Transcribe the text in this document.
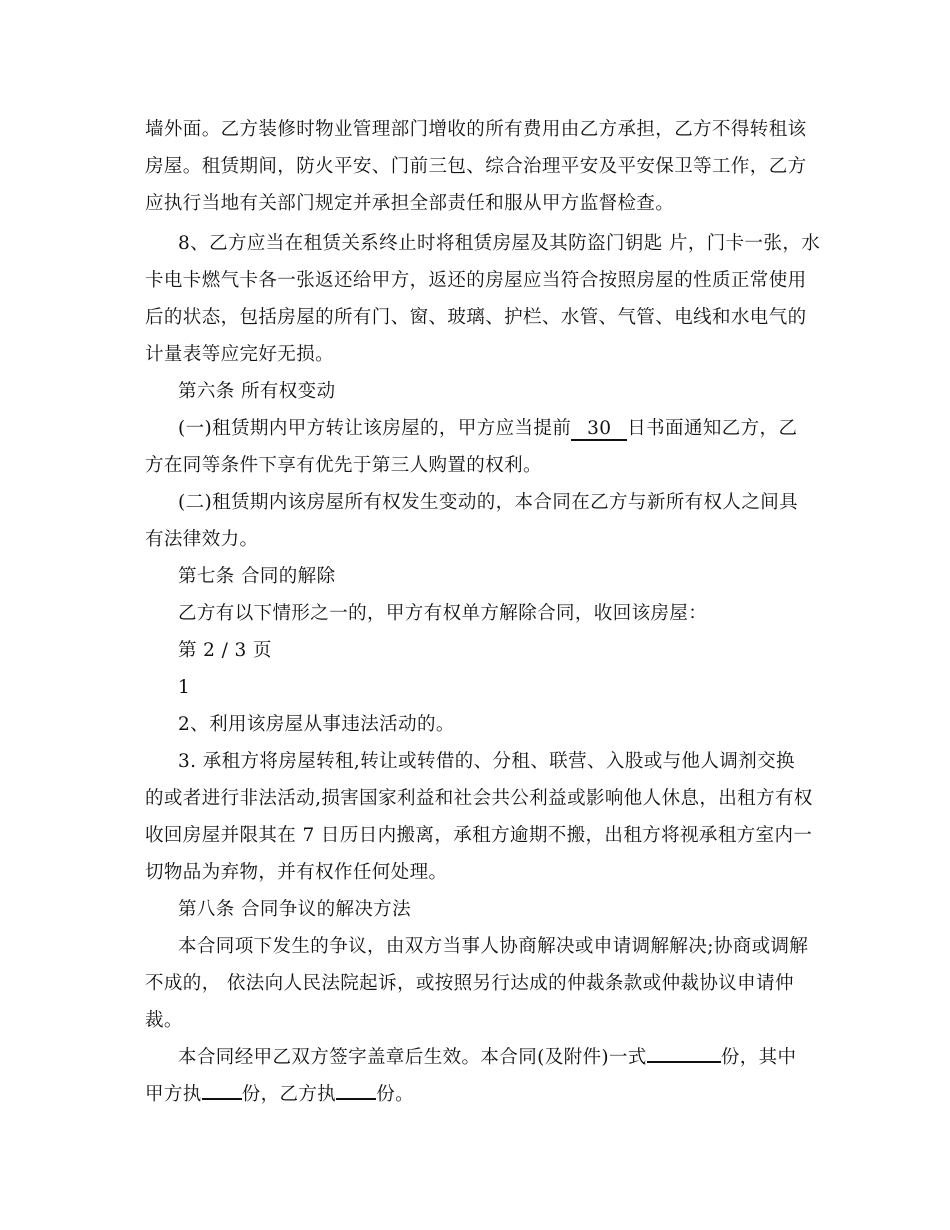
墙外面。乙方装修时物业管理部门增收的所有费用由乙方承担，乙方不得转租该
房屋。租赁期间，防火平安、门前三包、综合治理平安及平安保卫等工作，乙方
应执行当地有关部门规定并承担全部责任和服从甲方监督检查。
8、乙方应当在租赁关系终止时将租赁房屋及其防盗门钥匙 片，门卡一张，水
卡电卡燃气卡各一张返还给甲方，返还的房屋应当符合按照房屋的性质正常使用
后的状态，包括房屋的所有门、窗、玻璃、护栏、水管、气管、电线和水电气的
计量表等应完好无损。
第六条 所有权变动
(一)租赁期内甲方转让该房屋的，甲方应当提前 30 日书面通知乙方，乙
方在同等条件下享有优先于第三人购置的权利。
(二)租赁期内该房屋所有权发生变动的，本合同在乙方与新所有权人之间具
有法律效力。
第七条 合同的解除
乙方有以下情形之一的，甲方有权单方解除合同，收回该房屋：
第 2 / 3 页
1
2、利用该房屋从事违法活动的。
3. 承租方将房屋转租,转让或转借的、分租、联营、入股或与他人调剂交换
的或者进行非法活动,损害国家利益和社会共公利益或影响他人休息，出租方有权
收回房屋并限其在 7 日历日内搬离，承租方逾期不搬，出租方将视承租方室内一
切物品为弃物，并有权作任何处理。
第八条 合同争议的解决方法
本合同项下发生的争议，由双方当事人协商解决或申请调解解决;协商或调解
不成的， 依法向人民法院起诉，或按照另行达成的仲裁条款或仲裁协议申请仲
裁。
本合同经甲乙双方签字盖章后生效。本合同(及附件)一式	份，其中
甲方执 份，乙方执 份。
